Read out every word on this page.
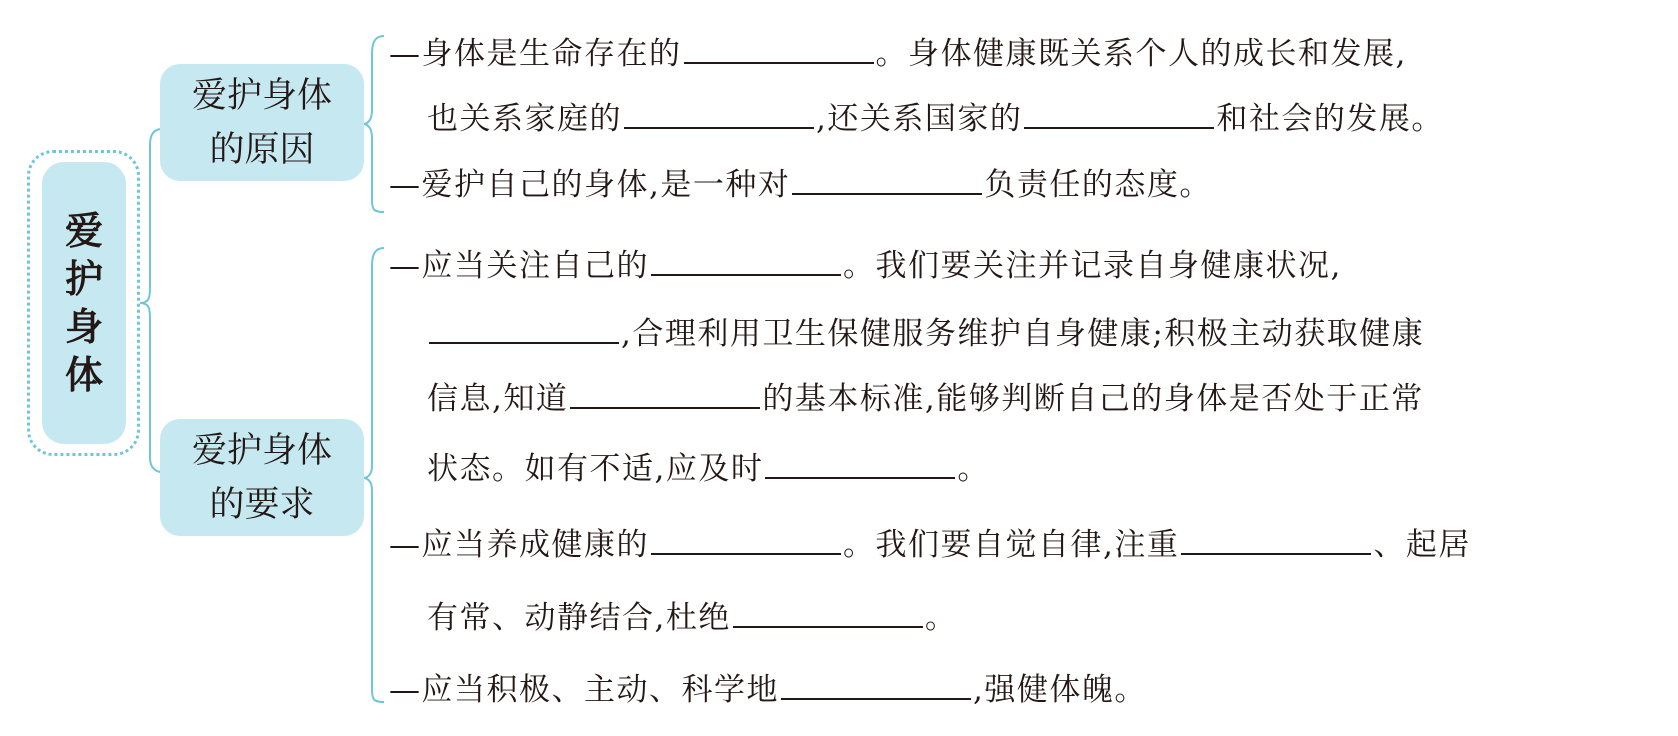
爱护身体
爱护身体的原因
爱护身体的要求
—身体是生命存在的	。身体健康既关系个人的成长和发展,
也关系家庭的	,还关系国家的	和社会的发展。
—爱护自己的身体,是一种对	负责任的态度。
—应当关注自己的	。我们要关注并记录自身健康状况,
,合理利用卫生保健服务维护自身健康;积极主动获取健康
信息,知道	的基本标准,能够判断自己的身体是否处于正常
状态。如有不适,应及时	。
—应当养成健康的	。我们要自觉自律,注重	、起居
有常、动静结合,杜绝	。
—应当积极、主动、科学地	,强健体魄。
